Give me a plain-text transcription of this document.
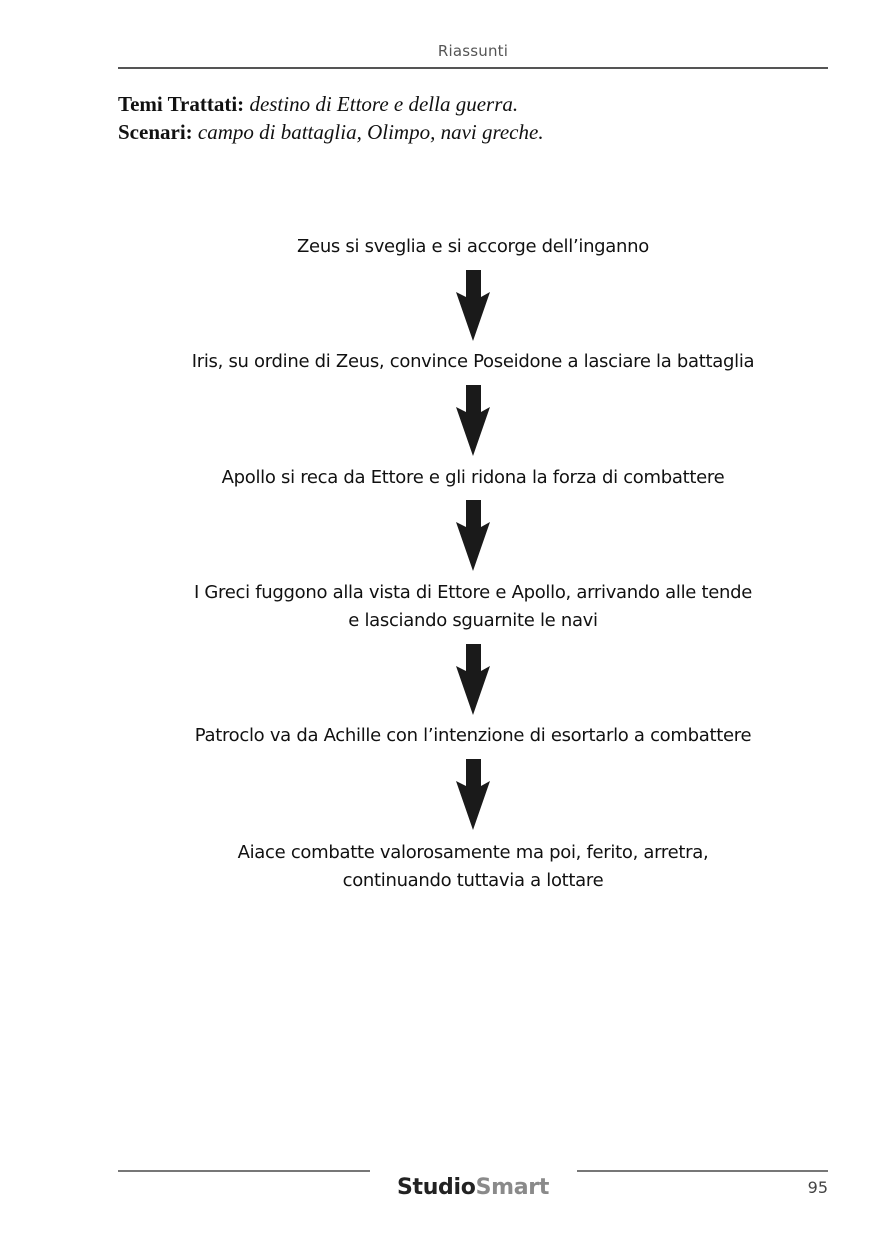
Riassunti
Temi Trattati: destino di Ettore e della guerra.
Scenari: campo di battaglia, Olimpo, navi greche.
Zeus si sveglia e si accorge dell’inganno
Iris, su ordine di Zeus, convince Poseidone a lasciare la battaglia
Apollo si reca da Ettore e gli ridona la forza di combattere
I Greci fuggono alla vista di Ettore e Apollo, arrivando alle tende
e lasciando sguarnite le navi
Patroclo va da Achille con l’intenzione di esortarlo a combattere
Aiace combatte valorosamente ma poi, ferito, arretra,
continuando tuttavia a lottare
StudioSmart	95
